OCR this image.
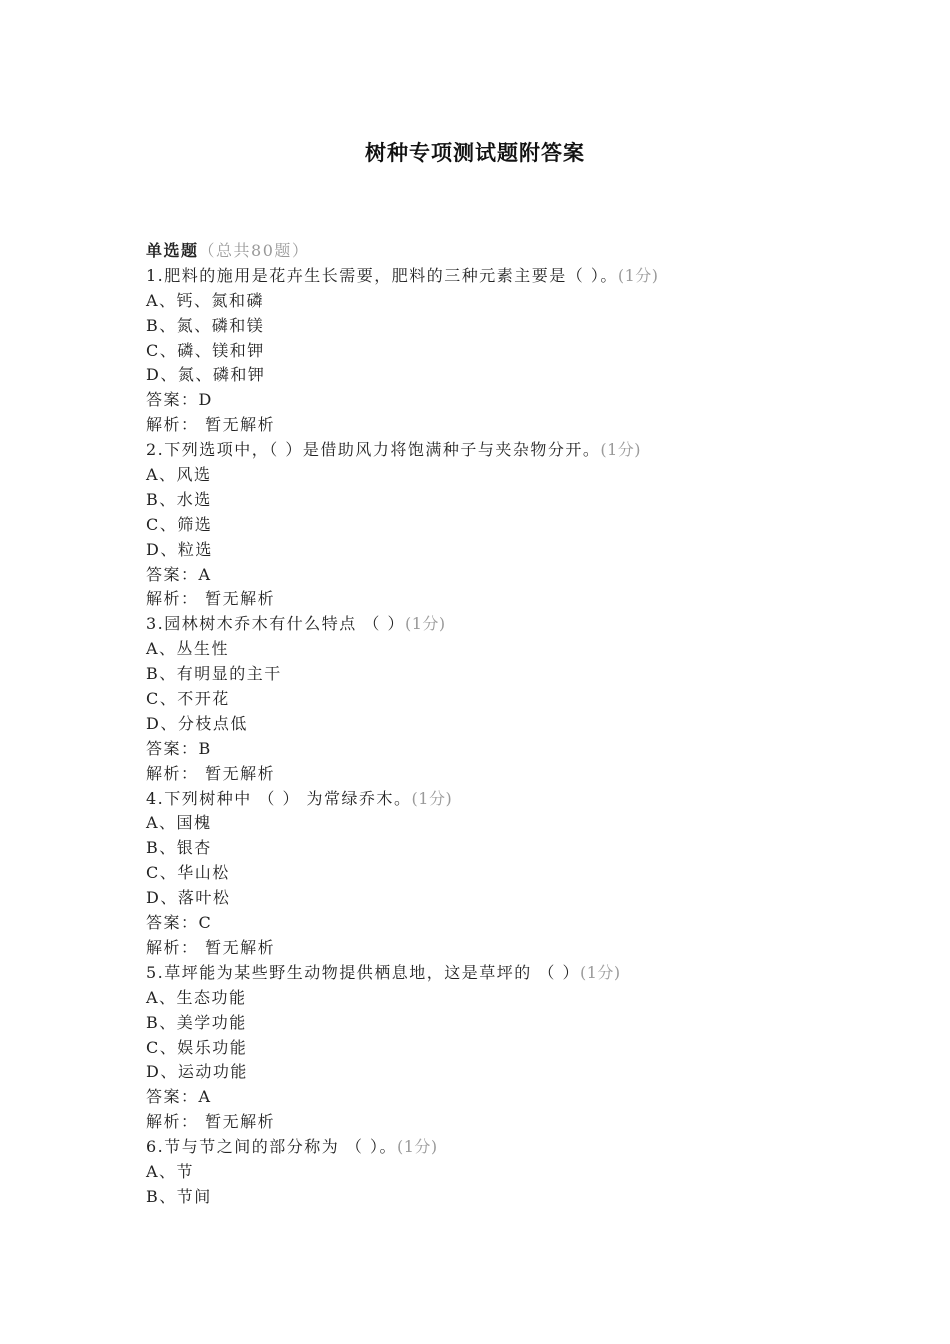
树种专项测试题附答案
单选题（总共80题）
1.肥料的施用是花卉生长需要，肥料的三种元素主要是（ ）。(1分)
A、钙、氮和磷
B、氮、磷和镁
C、磷、镁和钾
D、氮、磷和钾
答案：D
解析： 暂无解析
2.下列选项中，（ ）是借助风力将饱满种子与夹杂物分开。(1分)
A、风选
B、水选
C、筛选
D、粒选
答案：A
解析： 暂无解析
3.园林树木乔木有什么特点 （ ）(1分)
A、丛生性
B、有明显的主干
C、不开花
D、分枝点低
答案：B
解析： 暂无解析
4.下列树种中 （ ） 为常绿乔木。(1分)
A、国槐
B、银杏
C、华山松
D、落叶松
答案：C
解析： 暂无解析
5.草坪能为某些野生动物提供栖息地，这是草坪的 （ ）(1分)
A、生态功能
B、美学功能
C、娱乐功能
D、运动功能
答案：A
解析： 暂无解析
6.节与节之间的部分称为 （ ）。(1分)
A、节
B、节间
